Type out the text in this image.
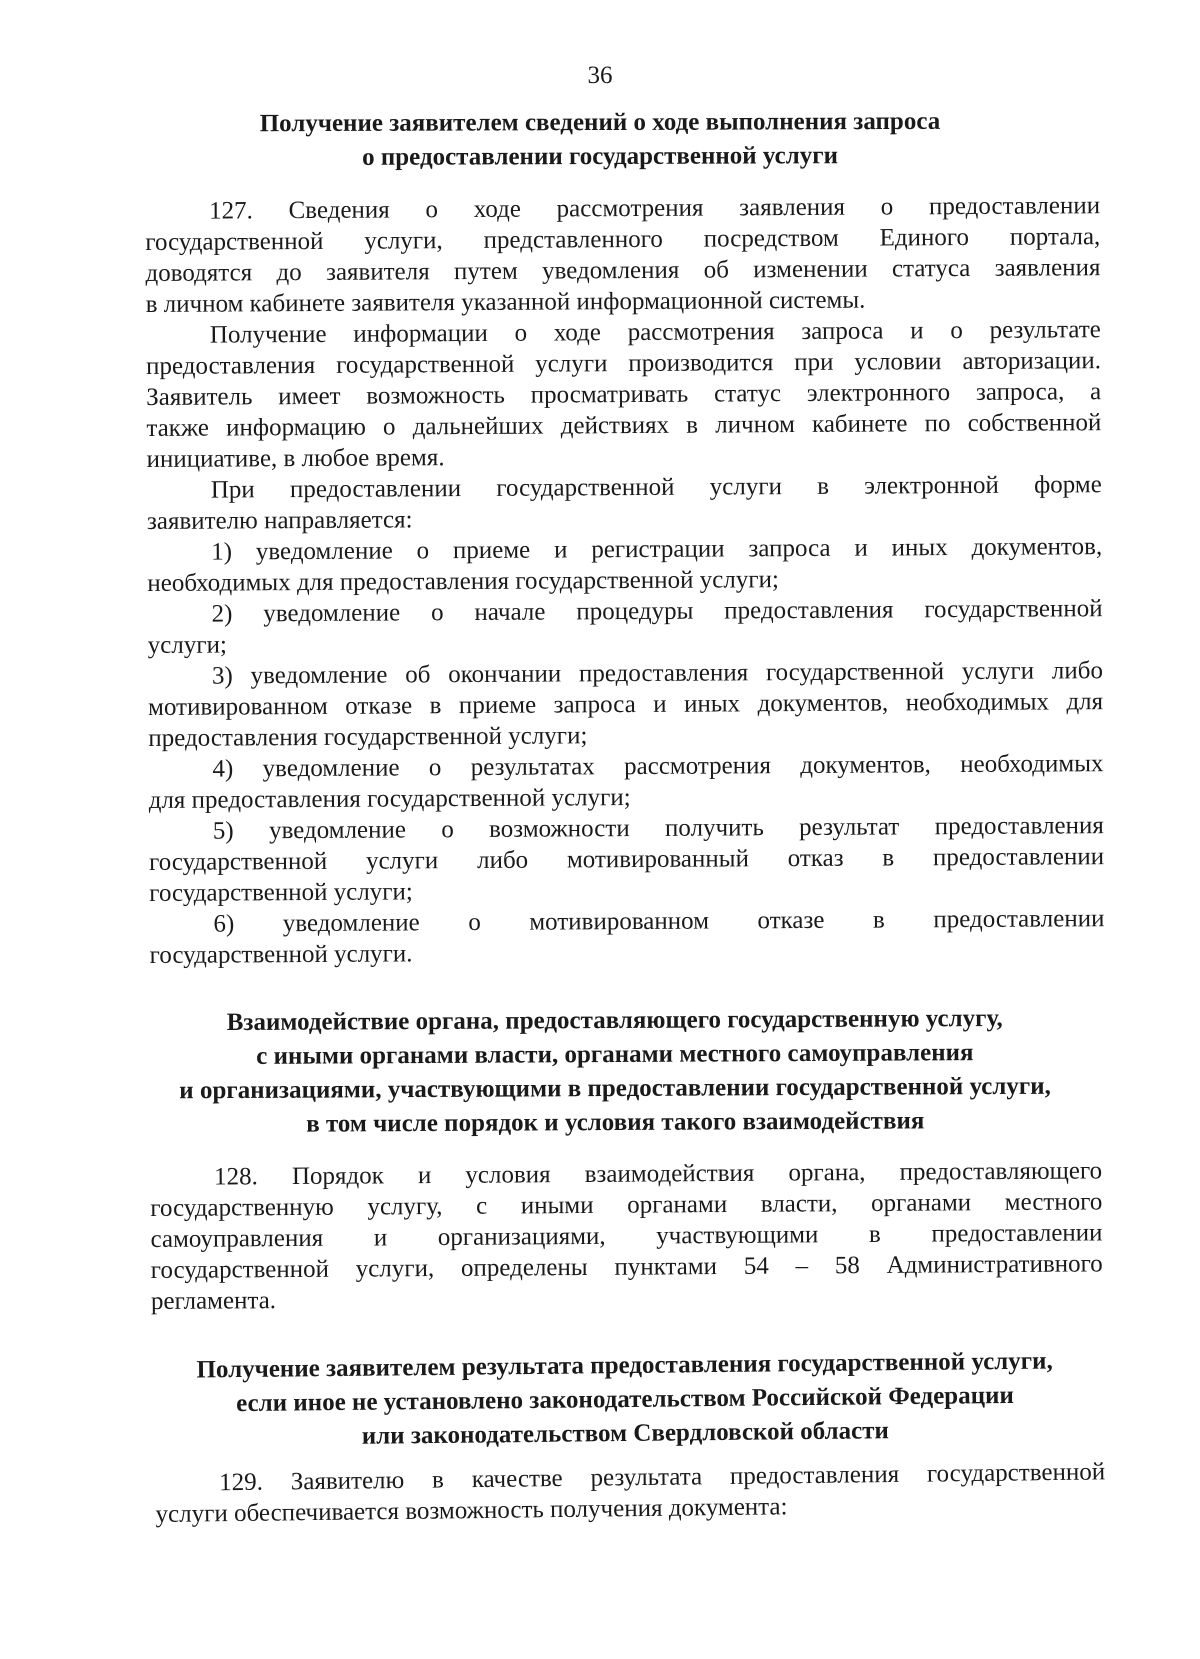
36
Получение заявителем сведений о ходе выполнения запроса
о предоставлении государственной услуги
127. Сведения о ходе рассмотрения заявления о предоставлении
государственной услуги, представленного посредством Единого портала,
доводятся до заявителя путем уведомления об изменении статуса заявления
в личном кабинете заявителя указанной информационной системы.
Получение информации о ходе рассмотрения запроса и о результате
предоставления государственной услуги производится при условии авторизации.
Заявитель имеет возможность просматривать статус электронного запроса, а
также информацию о дальнейших действиях в личном кабинете по собственной
инициативе, в любое время.
При предоставлении государственной услуги в электронной форме
заявителю направляется:
1) уведомление о приеме и регистрации запроса и иных документов,
необходимых для предоставления государственной услуги;
2) уведомление о начале процедуры предоставления государственной
услуги;
3) уведомление об окончании предоставления государственной услуги либо
мотивированном отказе в приеме запроса и иных документов, необходимых для
предоставления государственной услуги;
4) уведомление о результатах рассмотрения документов, необходимых
для предоставления государственной услуги;
5) уведомление о возможности получить результат предоставления
государственной услуги либо мотивированный отказ в предоставлении
государственной услуги;
6) уведомление о мотивированном отказе в предоставлении
государственной услуги.
Взаимодействие органа, предоставляющего государственную услугу,
с иными органами власти, органами местного самоуправления
и организациями, участвующими в предоставлении государственной услуги,
в том числе порядок и условия такого взаимодействия
128. Порядок и условия взаимодействия органа, предоставляющего
государственную услугу, с иными органами власти, органами местного
самоуправления и организациями, участвующими в предоставлении
государственной услуги, определены пунктами 54 – 58 Административного
регламента.
Получение заявителем результата предоставления государственной услуги,
если иное не установлено законодательством Российской Федерации
или законодательством Свердловской области
129. Заявителю в качестве результата предоставления государственной
услуги обеспечивается возможность получения документа:
